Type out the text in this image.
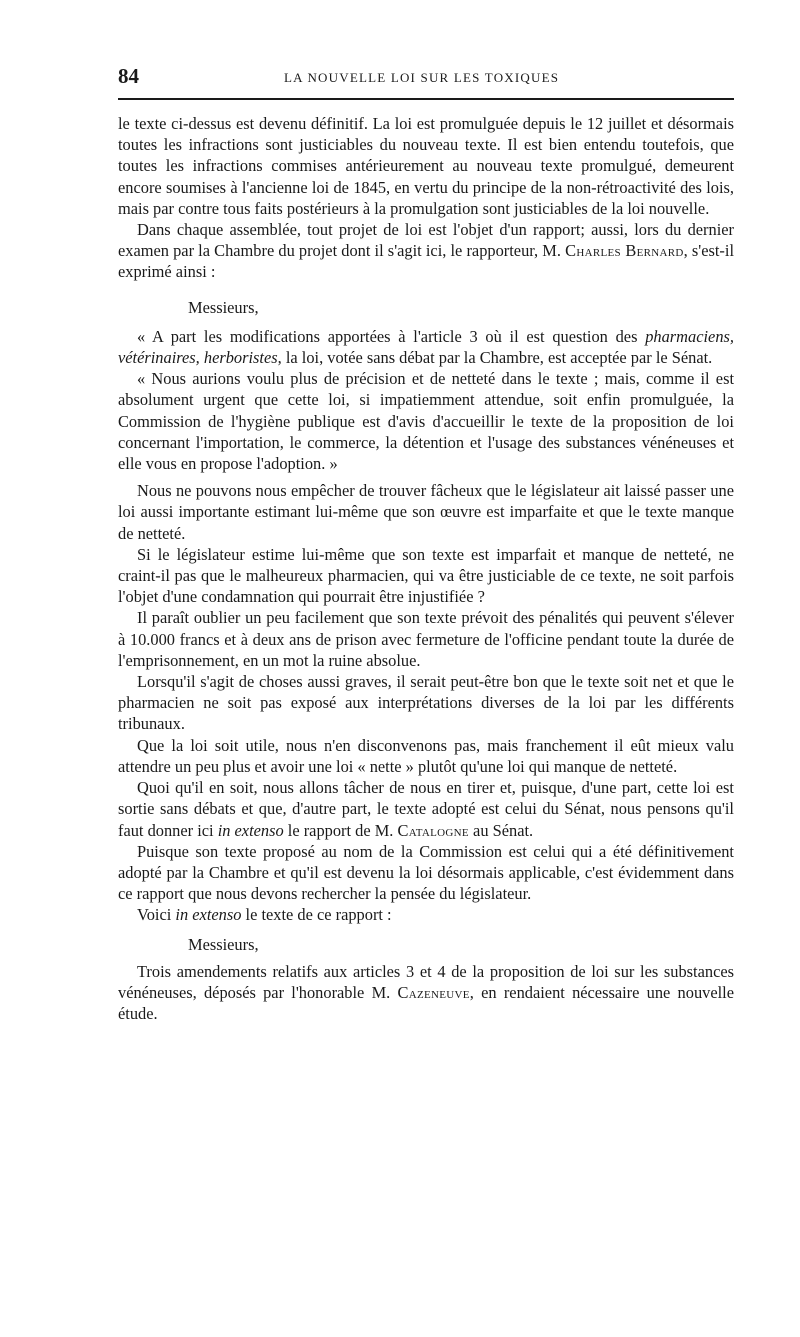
84	LA NOUVELLE LOI SUR LES TOXIQUES

le texte ci-dessus est devenu définitif. La loi est promulguée depuis le 12 juillet et désormais toutes les infractions sont justiciables du nouveau texte. Il est bien entendu toutefois, que toutes les infractions commises antérieurement au nouveau texte promulgué, demeurent encore soumises à l'ancienne loi de 1845, en vertu du principe de la non-rétroactivité des lois, mais par contre tous faits postérieurs à la promulgation sont justiciables de la loi nouvelle.

Dans chaque assemblée, tout projet de loi est l'objet d'un rapport; aussi, lors du dernier examen par la Chambre du projet dont il s'agit ici, le rapporteur, M. Charles Bernard, s'est-il exprimé ainsi :

Messieurs,

« A part les modifications apportées à l'article 3 où il est question des pharmaciens, vétérinaires, herboristes, la loi, votée sans débat par la Chambre, est acceptée par le Sénat.

« Nous aurions voulu plus de précision et de netteté dans le texte ; mais, comme il est absolument urgent que cette loi, si impatiemment attendue, soit enfin promulguée, la Commission de l'hygiène publique est d'avis d'accueillir le texte de la proposition de loi concernant l'importation, le commerce, la détention et l'usage des substances vénéneuses et elle vous en propose l'adoption. »

Nous ne pouvons nous empêcher de trouver fâcheux que le législateur ait laissé passer une loi aussi importante estimant lui-même que son œuvre est imparfaite et que le texte manque de netteté.

Si le législateur estime lui-même que son texte est imparfait et manque de netteté, ne craint-il pas que le malheureux pharmacien, qui va être justiciable de ce texte, ne soit parfois l'objet d'une condamnation qui pourrait être injustifiée ?

Il paraît oublier un peu facilement que son texte prévoit des pénalités qui peuvent s'élever à 10.000 francs et à deux ans de prison avec fermeture de l'officine pendant toute la durée de l'emprisonnement, en un mot la ruine absolue.

Lorsqu'il s'agit de choses aussi graves, il serait peut-être bon que le texte soit net et que le pharmacien ne soit pas exposé aux interprétations diverses de la loi par les différents tribunaux.

Que la loi soit utile, nous n'en disconvenons pas, mais franchement il eût mieux valu attendre un peu plus et avoir une loi « nette » plutôt qu'une loi qui manque de netteté.

Quoi qu'il en soit, nous allons tâcher de nous en tirer et, puisque, d'une part, cette loi est sortie sans débats et que, d'autre part, le texte adopté est celui du Sénat, nous pensons qu'il faut donner ici in extenso le rapport de M. Catalogne au Sénat.

Puisque son texte proposé au nom de la Commission est celui qui a été définitivement adopté par la Chambre et qu'il est devenu la loi désormais applicable, c'est évidemment dans ce rapport que nous devons rechercher la pensée du législateur.

Voici in extenso le texte de ce rapport :

Messieurs,

Trois amendements relatifs aux articles 3 et 4 de la proposition de loi sur les substances vénéneuses, déposés par l'honorable M. Cazeneuve, en rendaient nécessaire une nouvelle étude.
